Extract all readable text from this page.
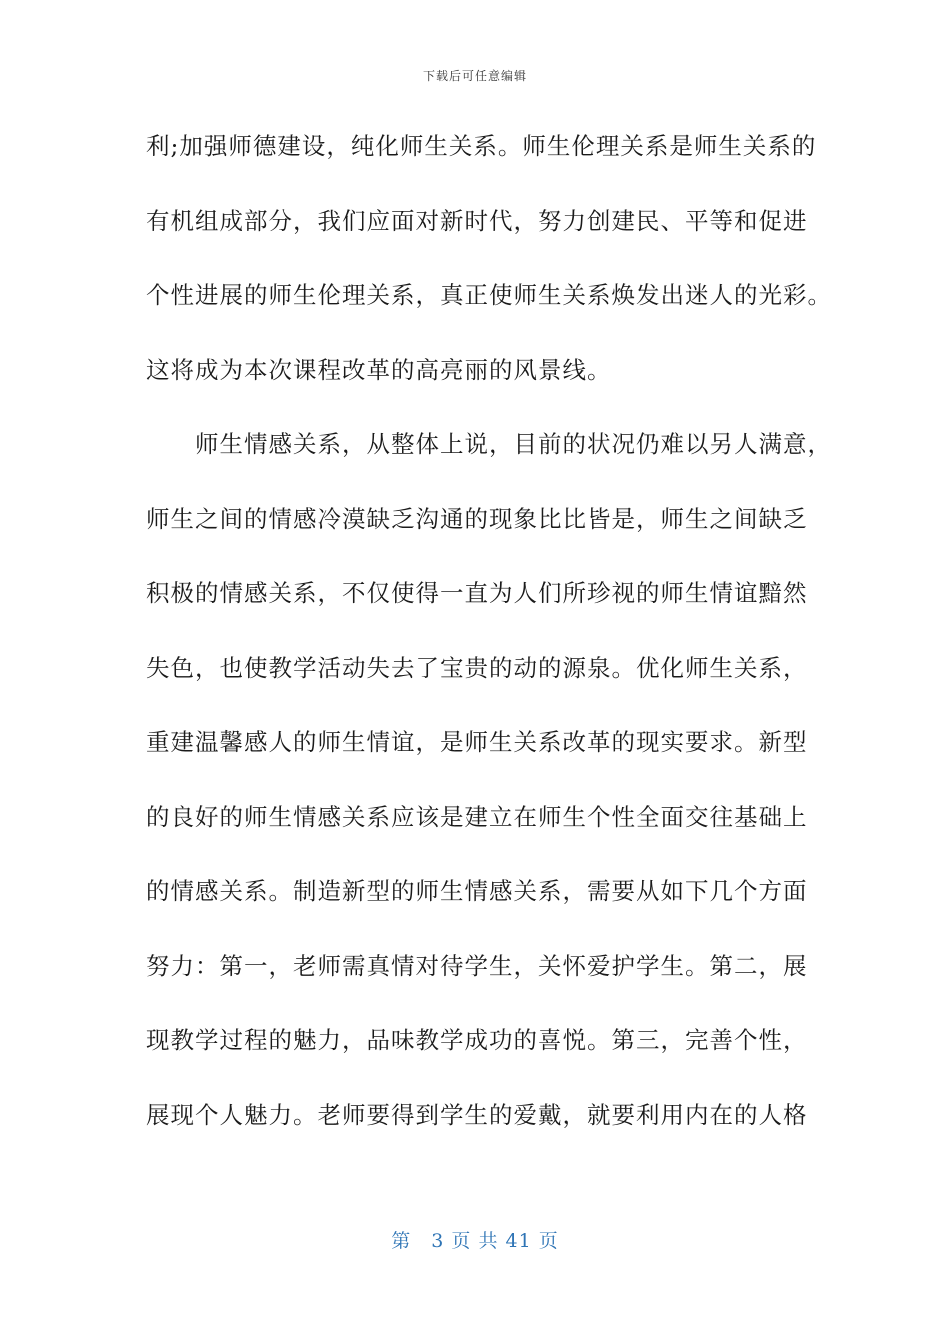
下载后可任意编辑
利;加强师德建设，纯化师生关系。师生伦理关系是师生关系的
有机组成部分，我们应面对新时代，努力创建民、平等和促进
个性进展的师生伦理关系，真正使师生关系焕发出迷人的光彩。
这将成为本次课程改革的高亮丽的风景线。
　　师生情感关系，从整体上说，目前的状况仍难以另人满意，
师生之间的情感冷漠缺乏沟通的现象比比皆是，师生之间缺乏
积极的情感关系，不仅使得一直为人们所珍视的师生情谊黯然
失色，也使教学活动失去了宝贵的动的源泉。优化师生关系，
重建温馨感人的师生情谊，是师生关系改革的现实要求。新型
的良好的师生情感关系应该是建立在师生个性全面交往基础上
的情感关系。制造新型的师生情感关系，需要从如下几个方面
努力：第一，老师需真情对待学生，关怀爱护学生。第二，展
现教学过程的魅力，品味教学成功的喜悦。第三，完善个性，
展现个人魅力。老师要得到学生的爱戴，就要利用内在的人格
第　3 页 共 41 页
